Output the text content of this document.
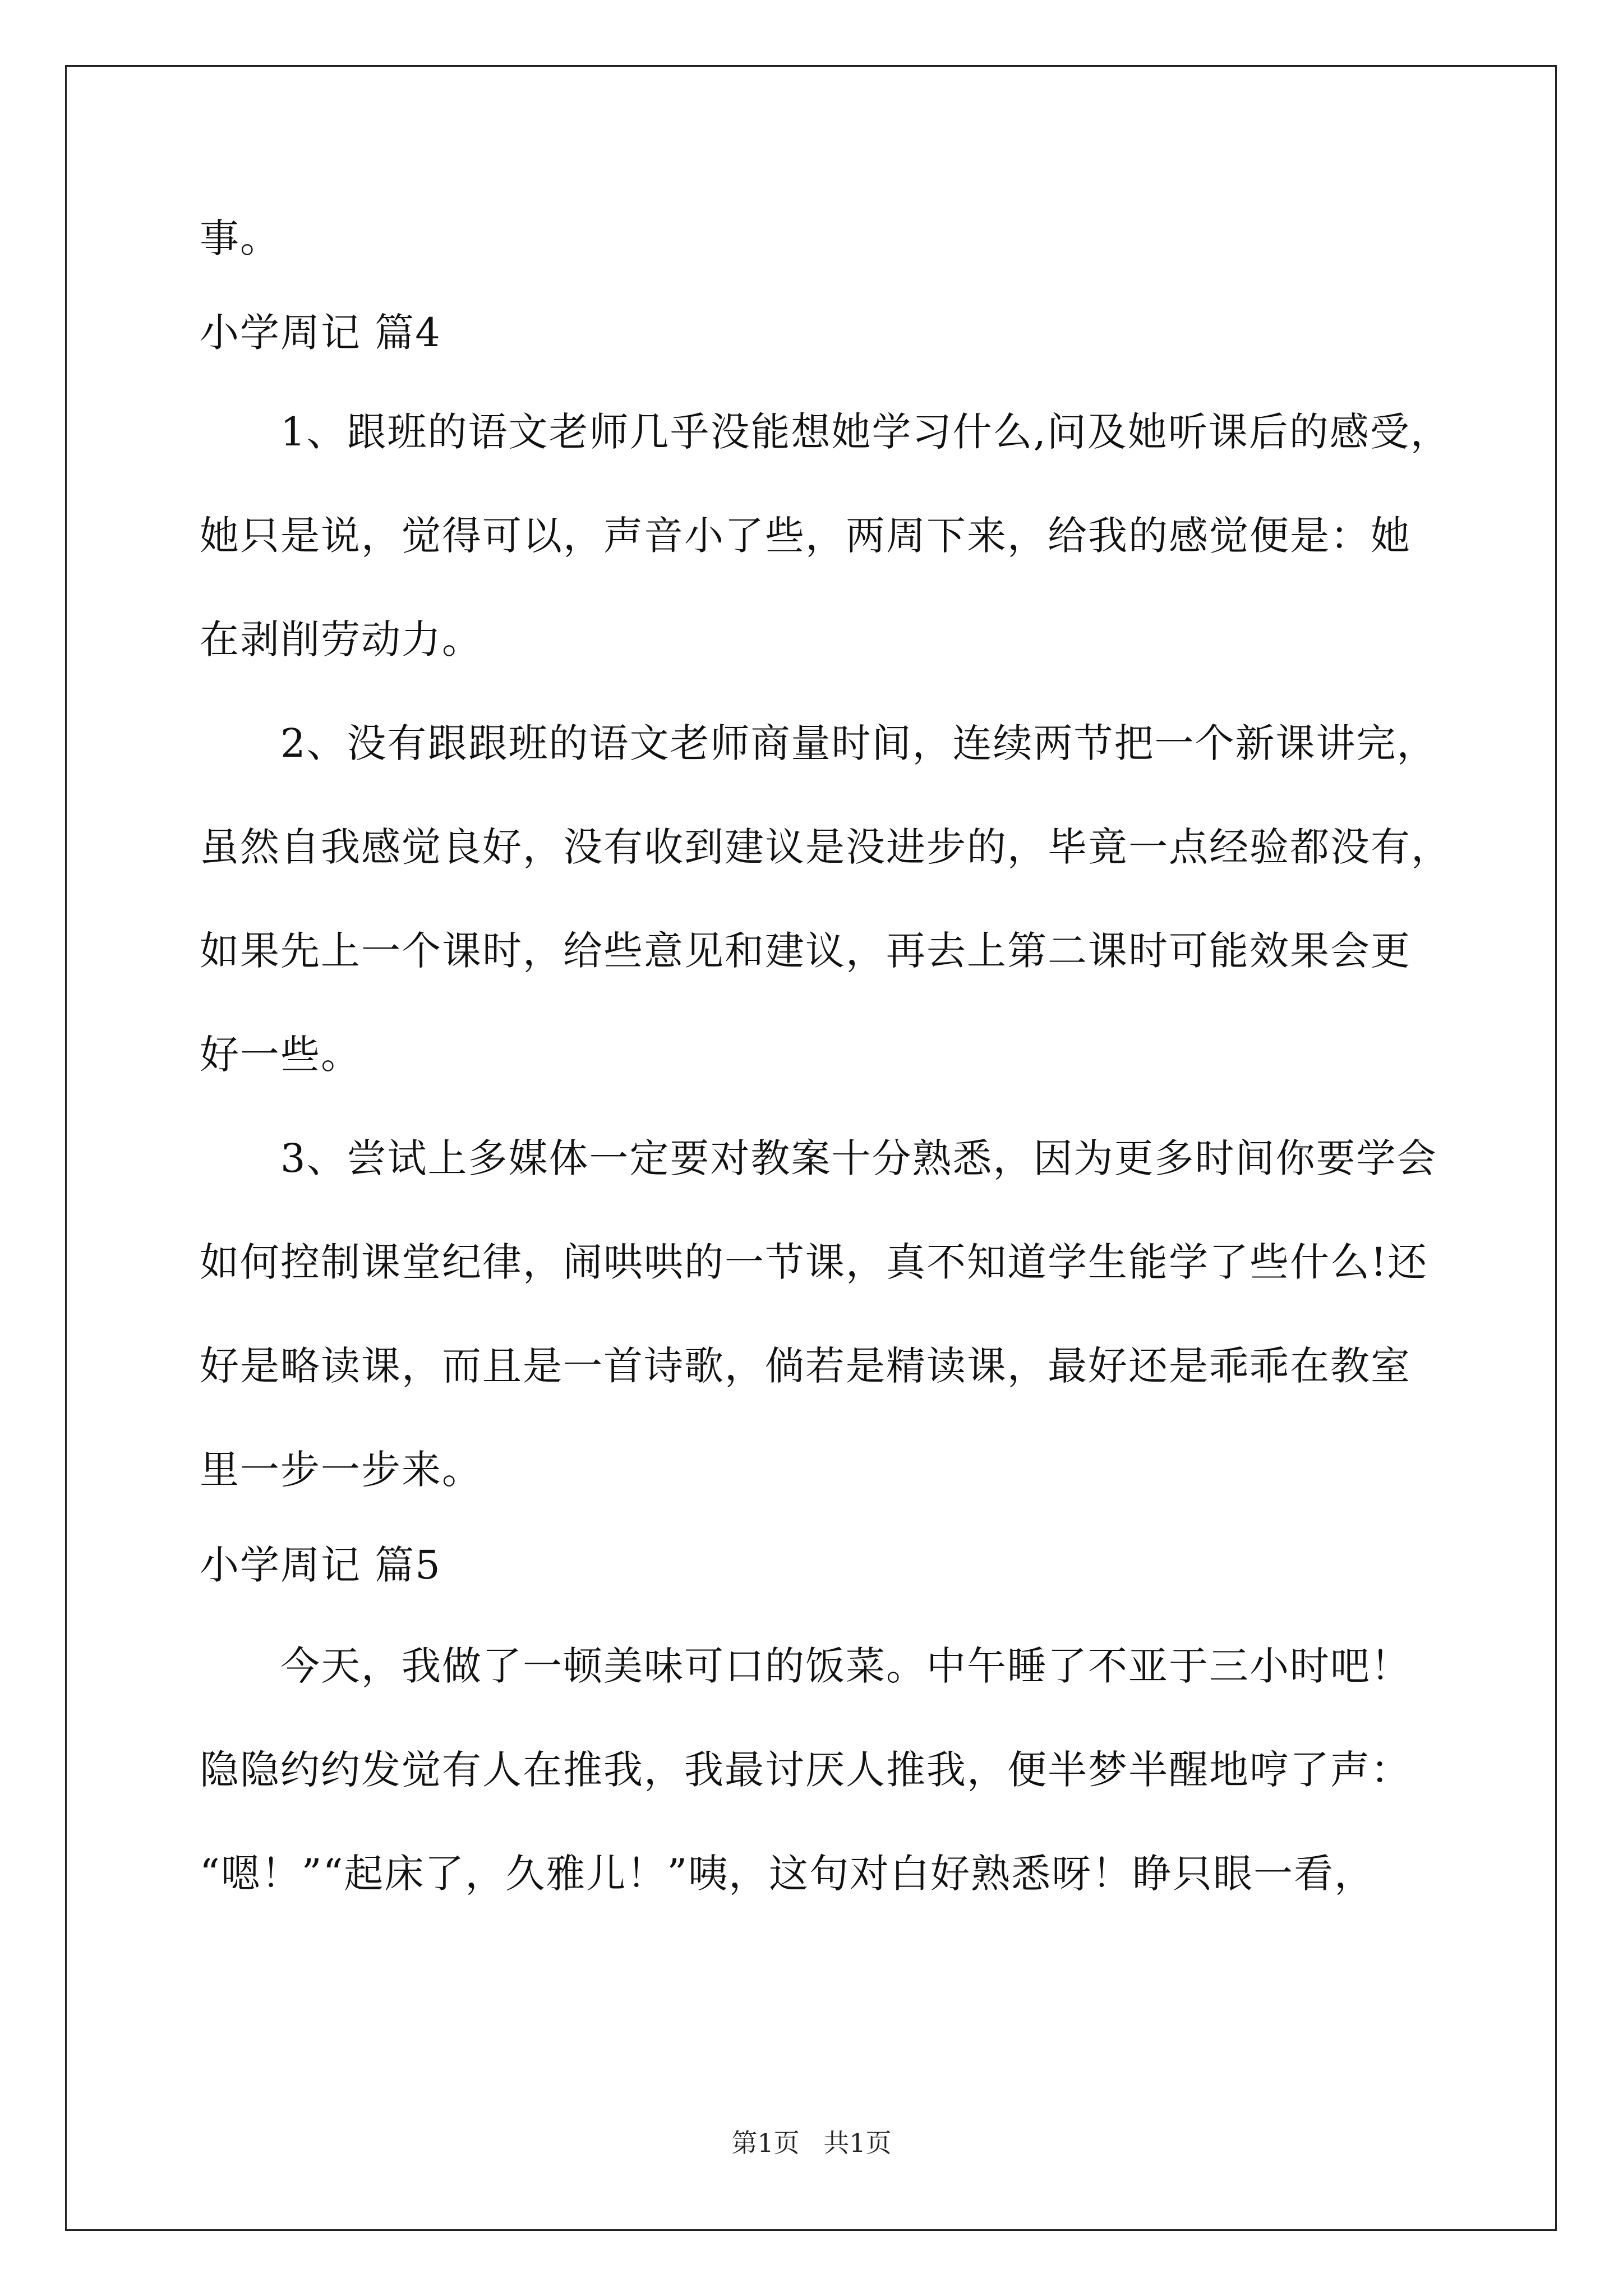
事。
小学周记 篇4
　　1、跟班的语文老师几乎没能想她学习什么,问及她听课后的感受，
她只是说，觉得可以，声音小了些，两周下来，给我的感觉便是：她
在剥削劳动力。
　　2、没有跟跟班的语文老师商量时间，连续两节把一个新课讲完，
虽然自我感觉良好，没有收到建议是没进步的，毕竟一点经验都没有，
如果先上一个课时，给些意见和建议，再去上第二课时可能效果会更
好一些。
　　3、尝试上多媒体一定要对教案十分熟悉，因为更多时间你要学会
如何控制课堂纪律，闹哄哄的一节课，真不知道学生能学了些什么!还
好是略读课，而且是一首诗歌，倘若是精读课，最好还是乖乖在教室
里一步一步来。
小学周记 篇5
　　今天，我做了一顿美味可口的饭菜。中午睡了不亚于三小时吧！
隐隐约约发觉有人在推我，我最讨厌人推我，便半梦半醒地哼了声：
“嗯！”“起床了，久雅儿！”咦，这句对白好熟悉呀！睁只眼一看，
第1页 共1页
